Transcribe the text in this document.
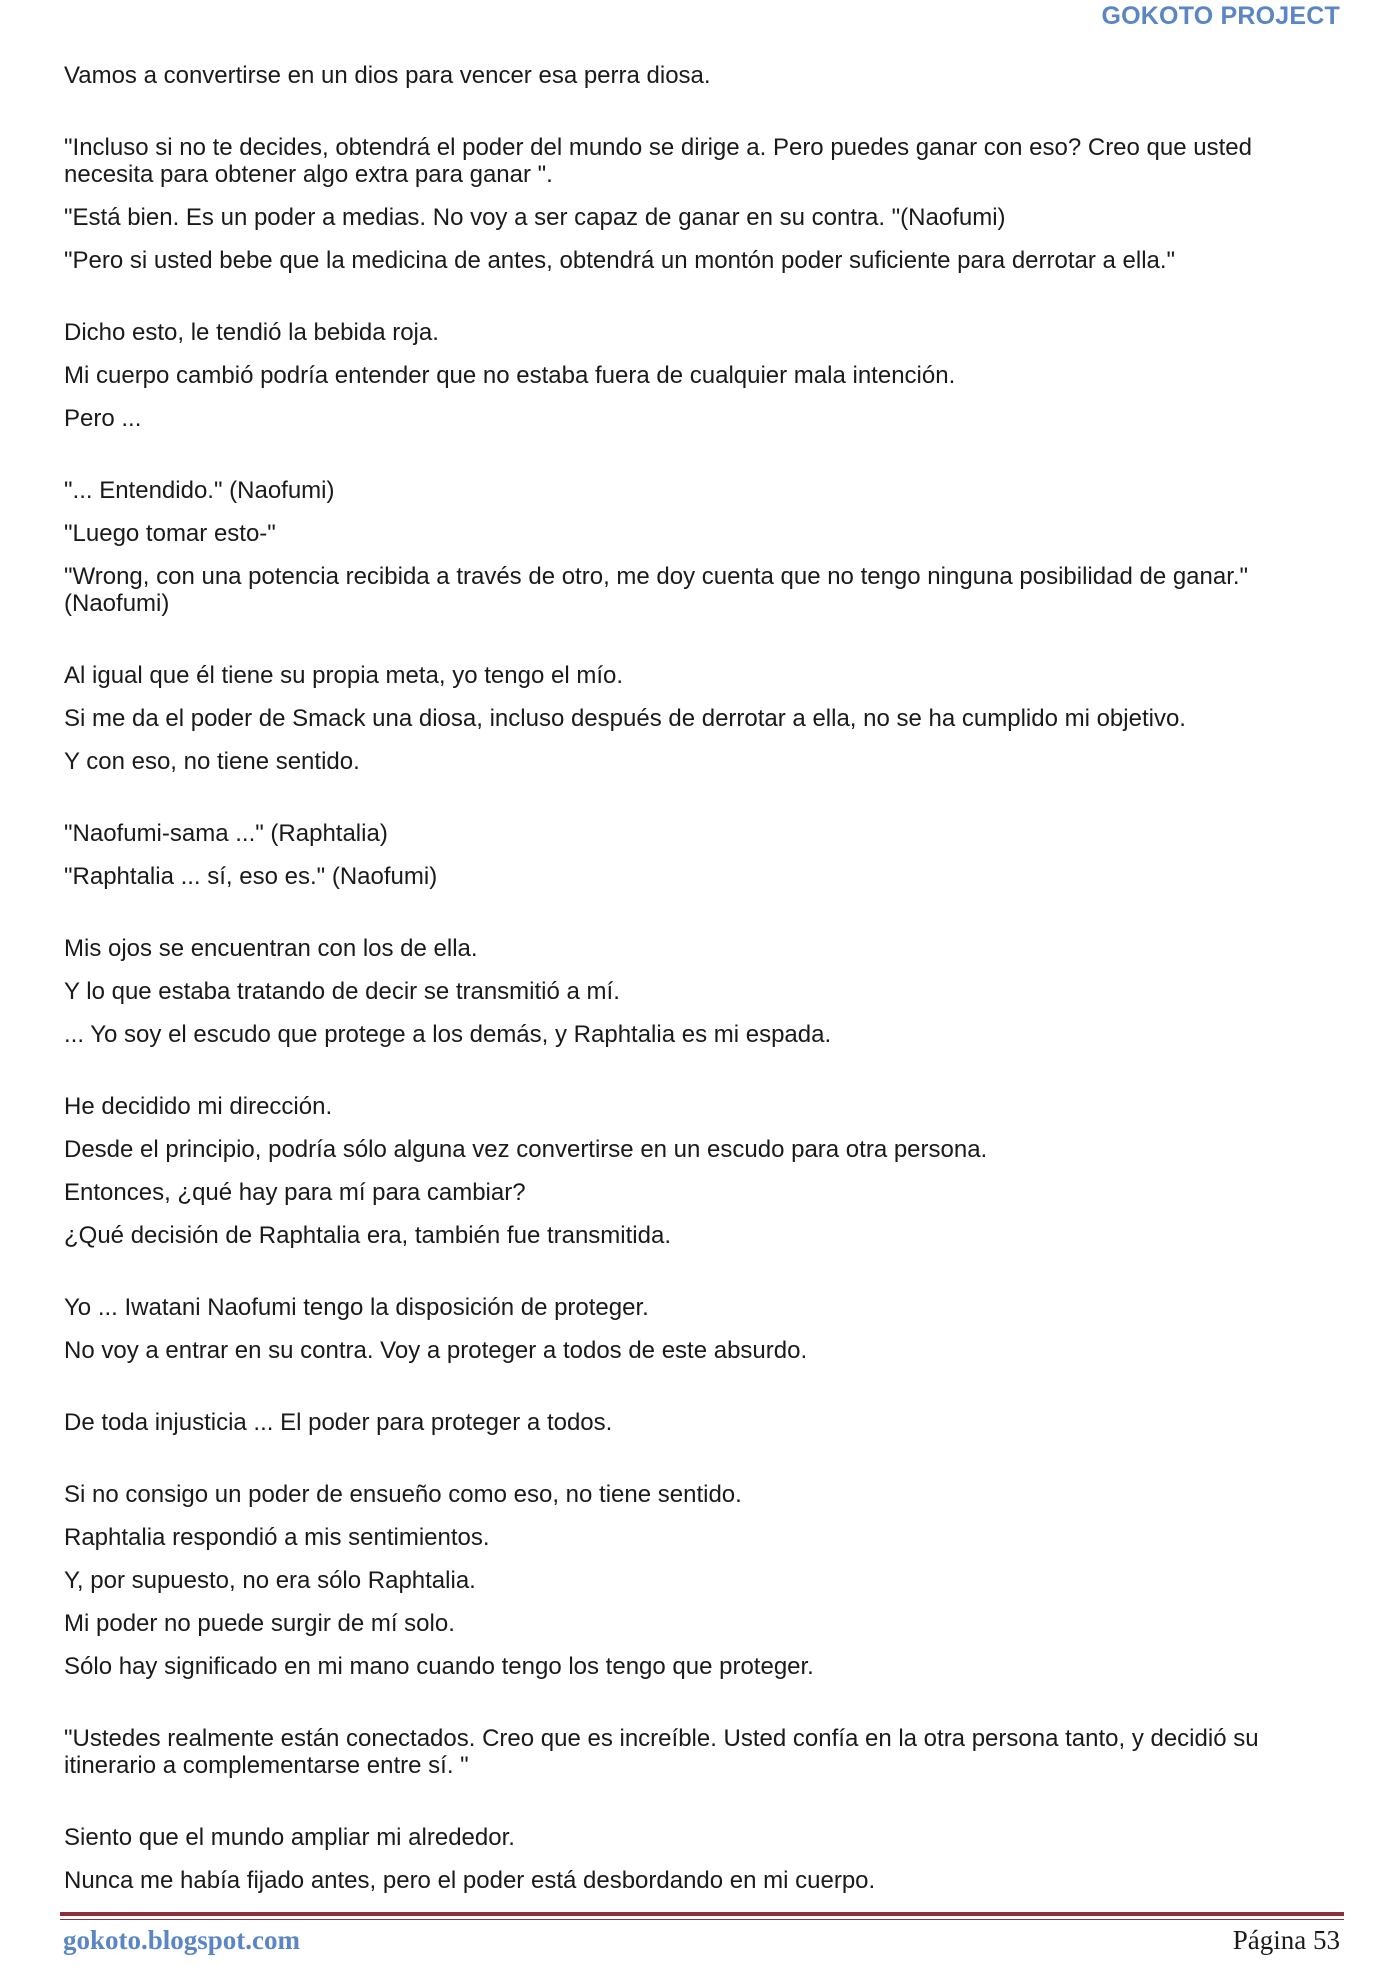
GOKOTO PROJECT

Vamos a convertirse en un dios para vencer esa perra diosa.

"Incluso si no te decides, obtendrá el poder del mundo se dirige a. Pero puedes ganar con eso? Creo que usted necesita para obtener algo extra para ganar ".

"Está bien. Es un poder a medias. No voy a ser capaz de ganar en su contra. "(Naofumi)

"Pero si usted bebe que la medicina de antes, obtendrá un montón poder suficiente para derrotar a ella."

Dicho esto, le tendió la bebida roja.

Mi cuerpo cambió podría entender que no estaba fuera de cualquier mala intención.

Pero ...

"... Entendido." (Naofumi)

"Luego tomar esto-"

"Wrong, con una potencia recibida a través de otro, me doy cuenta que no tengo ninguna posibilidad de ganar." (Naofumi)

Al igual que él tiene su propia meta, yo tengo el mío.

Si me da el poder de Smack una diosa, incluso después de derrotar a ella, no se ha cumplido mi objetivo.

Y con eso, no tiene sentido.

"Naofumi-sama ..." (Raphtalia)

"Raphtalia ... sí, eso es." (Naofumi)

Mis ojos se encuentran con los de ella.

Y lo que estaba tratando de decir se transmitió a mí.

... Yo soy el escudo que protege a los demás, y Raphtalia es mi espada.

He decidido mi dirección.

Desde el principio, podría sólo alguna vez convertirse en un escudo para otra persona.

Entonces, ¿qué hay para mí para cambiar?

¿Qué decisión de Raphtalia era, también fue transmitida.

Yo ... Iwatani Naofumi tengo la disposición de proteger.

No voy a entrar en su contra. Voy a proteger a todos de este absurdo.

De toda injusticia ... El poder para proteger a todos.

Si no consigo un poder de ensueño como eso, no tiene sentido.

Raphtalia respondió a mis sentimientos.

Y, por supuesto, no era sólo Raphtalia.

Mi poder no puede surgir de mí solo.

Sólo hay significado en mi mano cuando tengo los tengo que proteger.

"Ustedes realmente están conectados. Creo que es increíble. Usted confía en la otra persona tanto, y decidió su itinerario a complementarse entre sí. "

Siento que el mundo ampliar mi alrededor.

Nunca me había fijado antes, pero el poder está desbordando en mi cuerpo.

gokoto.blogspot.com	Página 53
